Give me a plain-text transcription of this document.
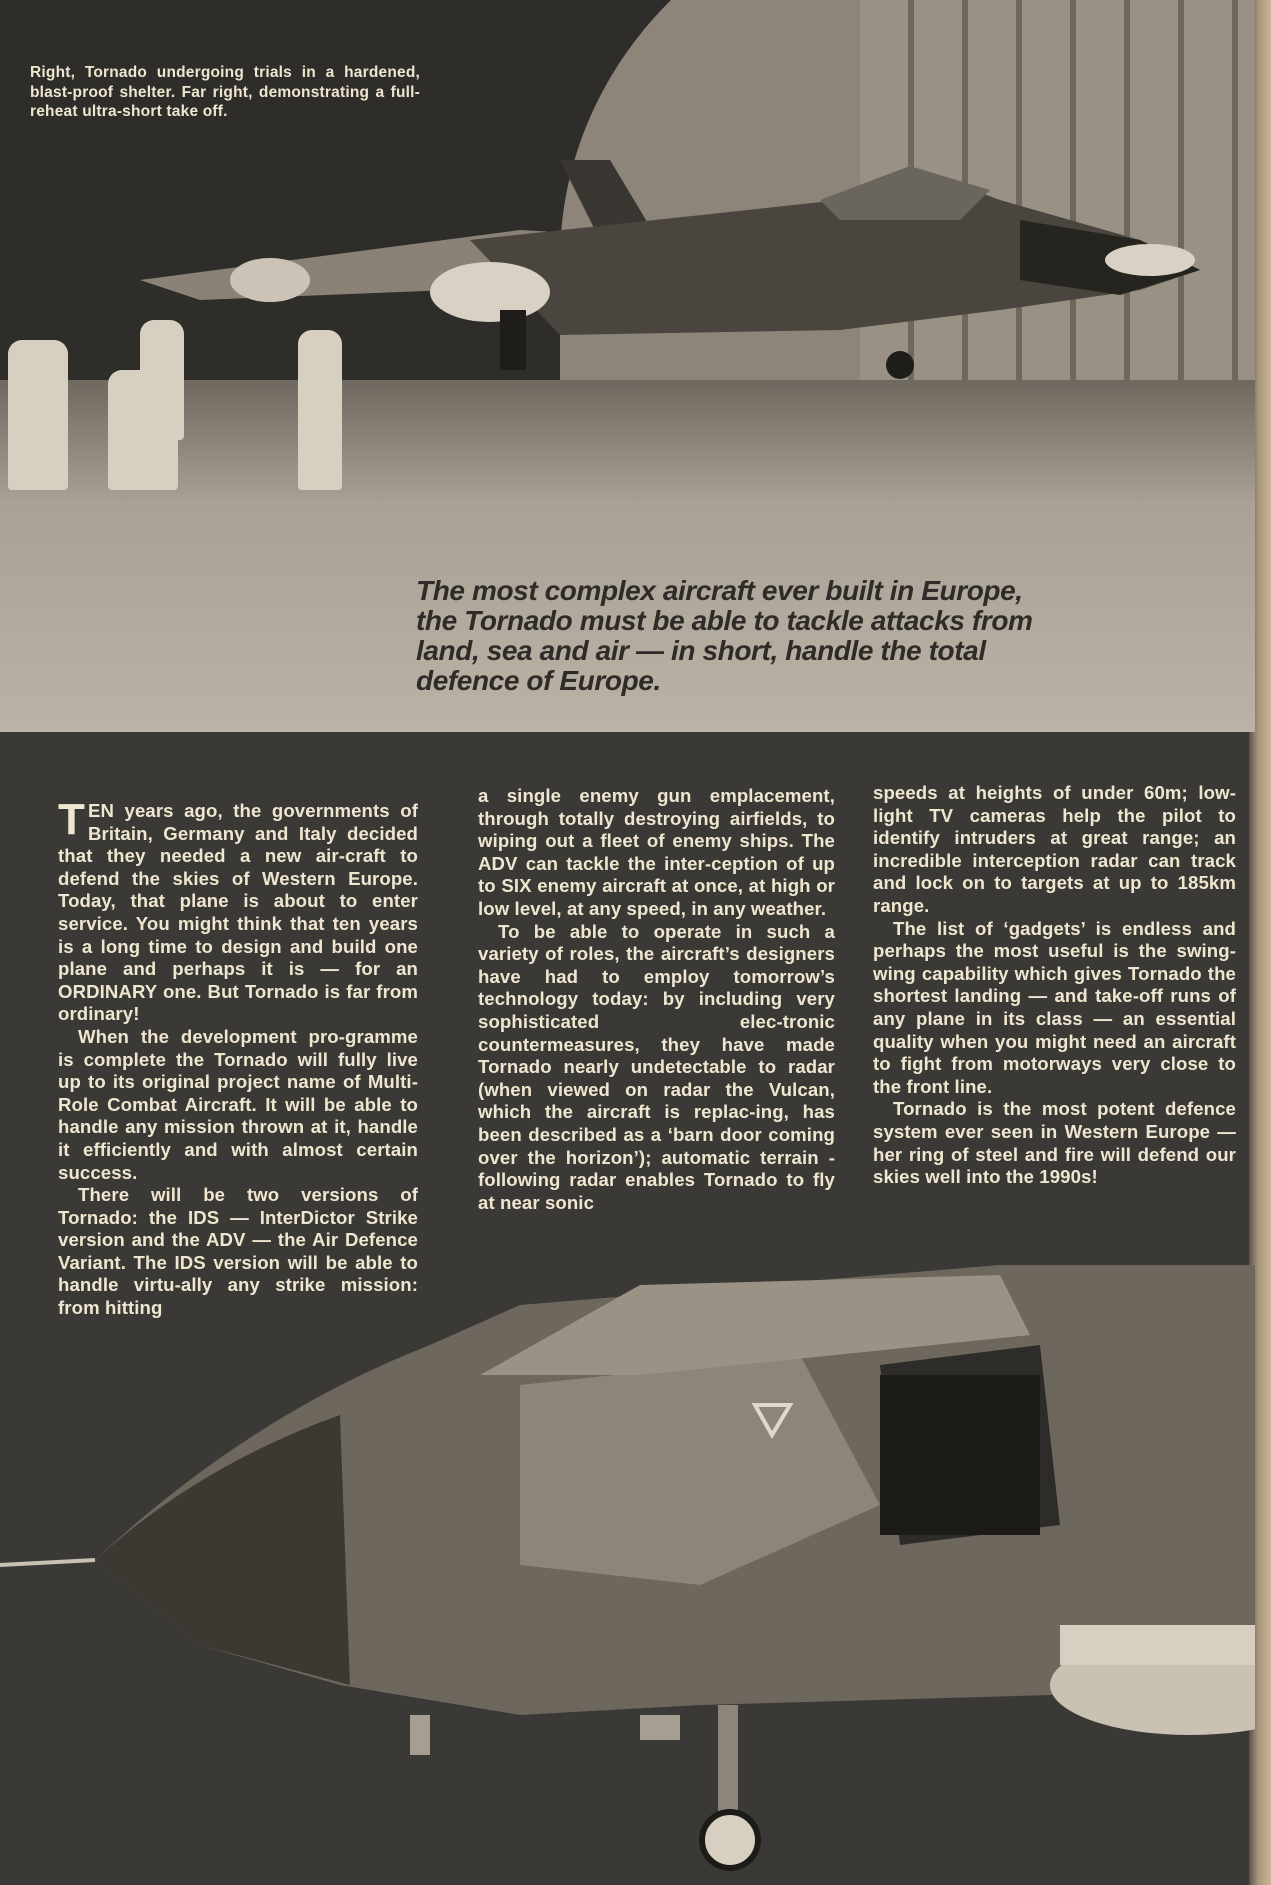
Right, Tornado undergoing trials in a hardened, blast-proof shelter. Far right, demonstrating a full-reheat ultra-short take off.
The most complex aircraft ever built in Europe,
the Tornado must be able to tackle attacks from
land, sea and air — in short, handle the total
defence of Europe.

TEN years ago, the governments of Britain, Germany and Italy decided that they needed a new air-craft to defend the skies of Western Europe. Today, that plane is about to enter service. You might think that ten years is a long time to design and build one plane and perhaps it is — for an ORDINARY one. But Tornado is far from ordinary!

When the development pro-gramme is complete the Tornado will fully live up to its original project name of Multi-Role Combat Aircraft. It will be able to handle any mission thrown at it, handle it efficiently and with almost certain success.

There will be two versions of Tornado: the IDS — InterDictor Strike version and the ADV — the Air Defence Variant. The IDS version will be able to handle virtu-ally any strike mission: from hitting

a single enemy gun emplacement, through totally destroying airfields, to wiping out a fleet of enemy ships. The ADV can tackle the inter-ception of up to SIX enemy aircraft at once, at high or low level, at any speed, in any weather.

To be able to operate in such a variety of roles, the aircraft’s designers have had to employ tomorrow’s technology today: by including very sophisticated elec-tronic countermeasures, they have made Tornado nearly undetectable to radar (when viewed on radar the Vulcan, which the aircraft is replac-ing, has been described as a ‘barn door coming over the horizon’); automatic terrain - following radar enables Tornado to fly at near sonic

speeds at heights of under 60m; low-light TV cameras help the pilot to identify intruders at great range; an incredible interception radar can track and lock on to targets at up to 185km range.

The list of ‘gadgets’ is endless and perhaps the most useful is the swing-wing capability which gives Tornado the shortest landing — and take-off runs of any plane in its class — an essential quality when you might need an aircraft to fight from motorways very close to the front line.

Tornado is the most potent defence system ever seen in Western Europe — her ring of steel and fire will defend our skies well into the 1990s!
